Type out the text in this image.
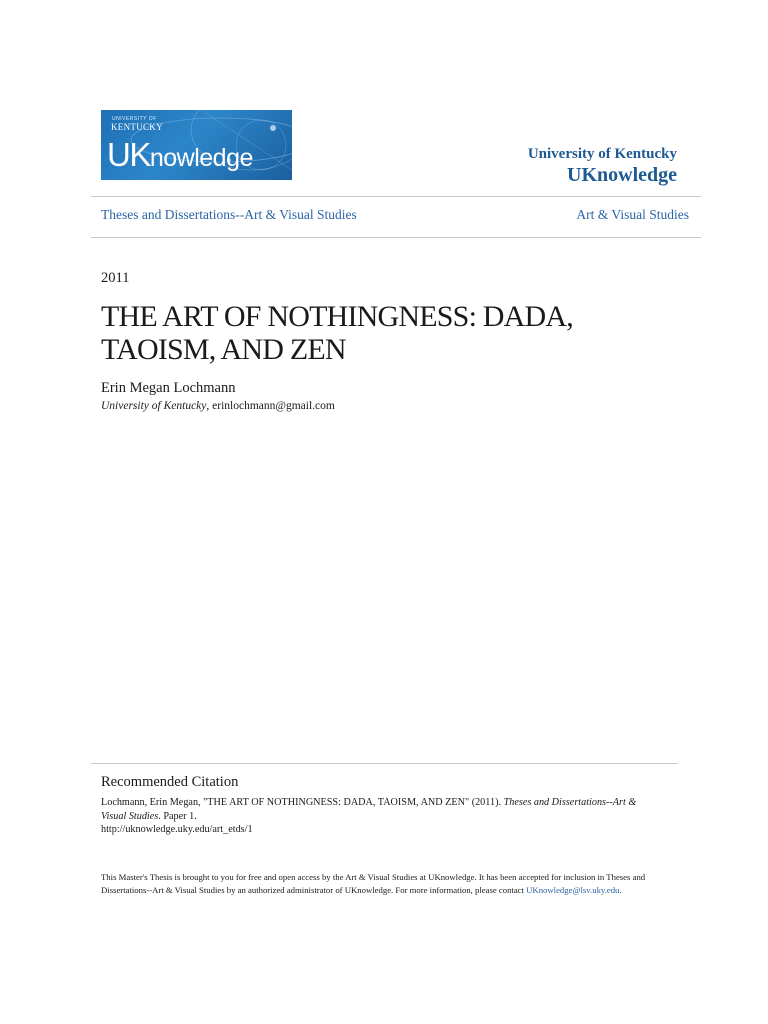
UNIVERSITY OF
KENTUCKY
UKnowledge	University of Kentucky
UKnowledge
Theses and Dissertations--Art & Visual Studies	Art & Visual Studies
2011
THE ART OF NOTHINGNESS: DADA, TAOISM, AND ZEN
Erin Megan Lochmann
University of Kentucky, erinlochmann@gmail.com
Recommended Citation
Lochmann, Erin Megan, "THE ART OF NOTHINGNESS: DADA, TAOISM, AND ZEN" (2011). Theses and Dissertations--Art & Visual Studies. Paper 1.
http://uknowledge.uky.edu/art_etds/1
This Master's Thesis is brought to you for free and open access by the Art & Visual Studies at UKnowledge. It has been accepted for inclusion in Theses and Dissertations--Art & Visual Studies by an authorized administrator of UKnowledge. For more information, please contact UKnowledge@lsv.uky.edu.
